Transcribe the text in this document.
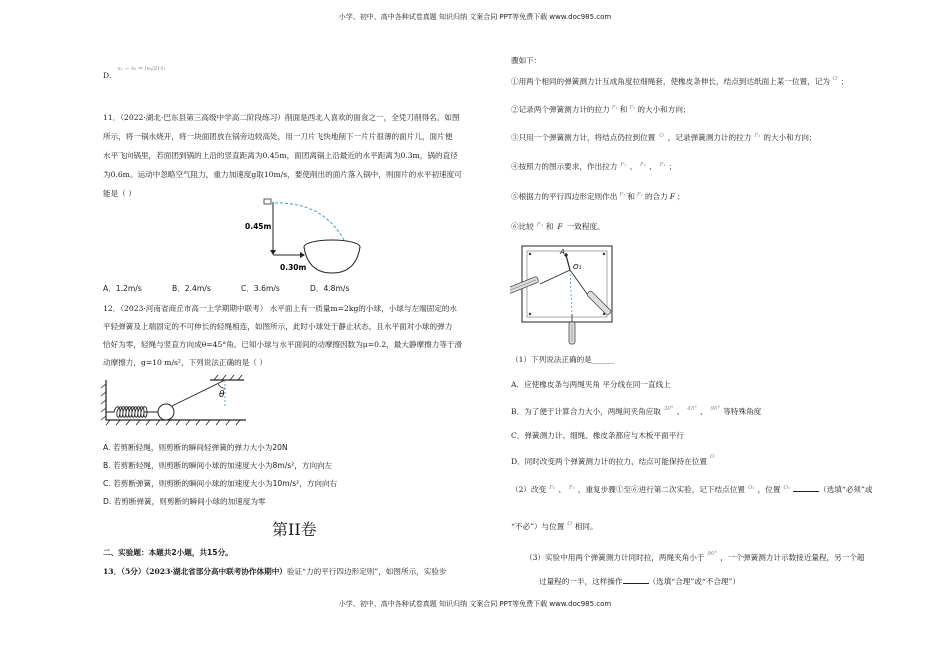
小学、初中、高中各种试卷真题 知识归纳 文案合同 PPT等免费下载 www.doc985.com
小学、初中、高中各种试卷真题 知识归纳 文案合同 PPT等免费下载 www.doc985.com
D. x₁ − x₂ = (v₀/2)·t₁
11．（2022·湖北·巴东县第三高级中学高二阶段练习）削面是西北人喜欢的面食之一，全凭刀削得名。如图
所示，将一锅水烧开，将一块面团放在锅旁边较高处，用一刀片飞快地削下一片片很薄的面片儿，面片便
水平飞向锅里，若面团到锅的上沿的竖直距离为0.45m，面团离锅上沿最近的水平距离为0.3m，锅的直径
为0.6m。运动中忽略空气阻力，重力加速度g取10m/s，要使削出的面片落入锅中，则面片的水平初速度可
能是（ ）
0.45m
0.30m
A．1.2m/s	B．2.4m/s	C．3.6m/s	D．4.8m/s
12．（2023·河南省商丘市高一上学期期中联考） 水平面上有一质量m=2kg的小球，小球与左端固定的水
平轻弹簧及上端固定的不可伸长的轻绳相连，如图所示，此时小球处于静止状态，且水平面对小球的弹力
恰好为零，轻绳与竖直方向成θ=45°角。已知小球与水平面间的动摩擦因数为μ=0.2，最大静摩擦力等于滑
动摩擦力，g=10 m/s²，下列说法正确的是（ ）
θ
A. 若剪断轻绳，则剪断的瞬间轻弹簧的弹力大小为20N
B. 若剪断轻绳，则剪断的瞬间小球的加速度大小为8m/s²，方向向左
C. 若剪断弹簧，则剪断的瞬间小球的加速度大小为10m/s²，方向向右
D. 若剪断弹簧，则剪断的瞬间小球的加速度为零
第II卷
二、实验题：本题共2小题，共15分。
13．（5分）（2023·湖北省部分高中联考协作体期中）验证“力的平行四边形定则”，如图所示，实验步
骤如下：
①用两个相同的弹簧测力计互成角度拉细绳套，使橡皮条伸长，结点到达纸面上某一位置，记为 $^O$ ；
②记录两个弹簧测力计的拉力 $^{F_1}$ 和 $^{F_2}$ 的大小和方向；
③只用一个弹簧测力计，将结点仍拉到位置 $^O$ ，记录弹簧测力计的拉力 $^{F_3}$ 的大小和方向；
④按照力的图示要求，作出拉力 $^{F_1}$ 、 $^{F_2}$ 、 $^{F_3}$ ；
⑤根据力的平行四边形定则作出 $^{F_1}$ 和 $^{F_2}$ 的合力 F ；
⑥比较 $^{F_3}$ 和 F 一致程度。
A
O₁
（1）下列说法正确的是______
A．应使橡皮条与两绳夹角 平分线在同一直线上
B．为了便于计算合力大小，两绳间夹角应取 $^{30^\circ}$ 、 $^{45^\circ}$ 、 $^{90^\circ}$ 等特殊角度
C．弹簧测力计、细绳、橡皮条都应与木板平面平行
D．同时改变两个弹簧测力计的拉力，结点可能保持在位置 $^O$
（2）改变 $^{F_1}$ 、 $^{F_2}$ ，重复步骤①至⑥进行第二次实验，记下结点位置 $^{O_2}$ ，位置 $^{O_2}$	（选填“必须”或
“不必”）与位置 $^O$ 相同。
（3）实验中用两个弹簧测力计同时拉，两绳夹角小于 $^{90^\circ}$ ，一个弹簧测力计示数接近量程，另一个超
过量程的一半，这样操作	（选填“合理”或“不合理”）
